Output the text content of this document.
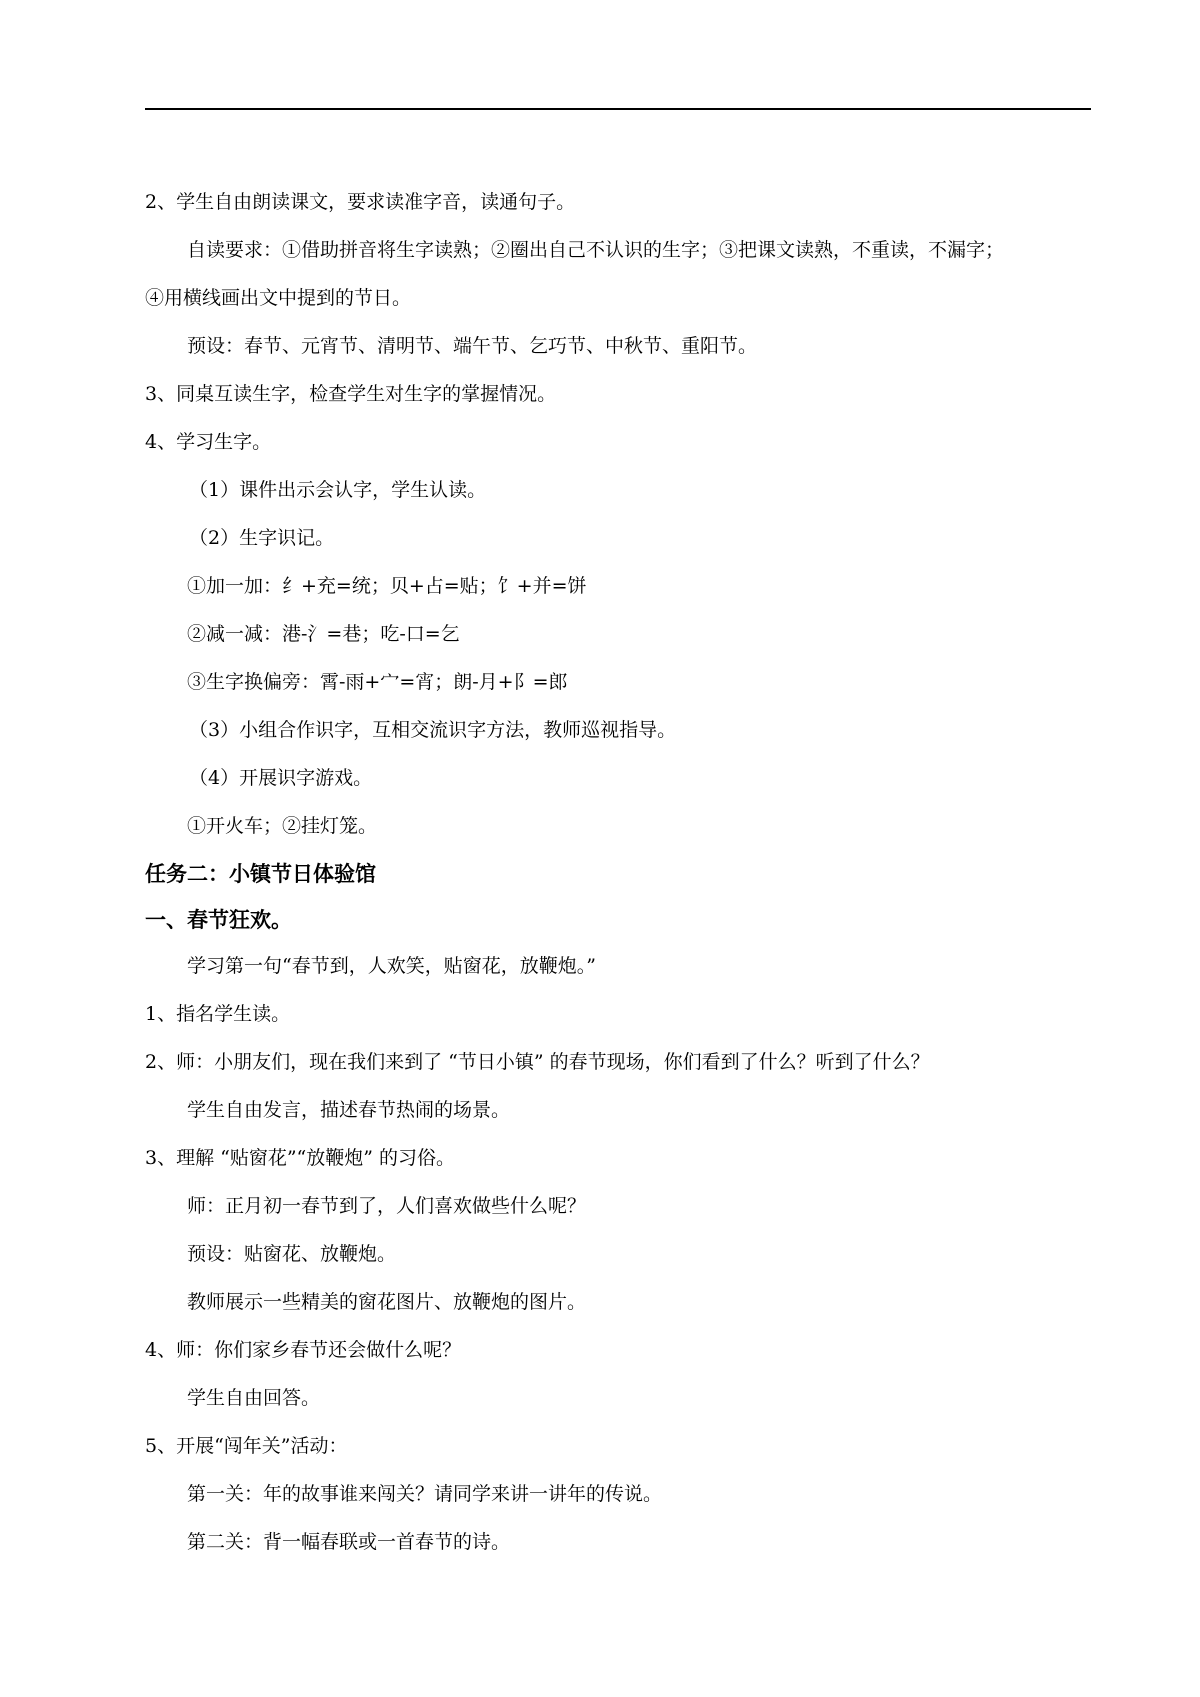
2、学生自由朗读课文，要求读准字音，读通句子。
自读要求：①借助拼音将生字读熟；②圈出自己不认识的生字；③把课文读熟，不重读，不漏字；
④用横线画出文中提到的节日。
预设：春节、元宵节、清明节、端午节、乞巧节、中秋节、重阳节。
3、同桌互读生字，检查学生对生字的掌握情况。
4、学习生字。
（1）课件出示会认字，学生认读。
（2）生字识记。
①加一加：纟+充=统；贝+占=贴；饣+并=饼
②减一减：港-氵=巷；吃-口=乞
③生字换偏旁：霄-雨+宀=宵；朗-月+阝=郎
（3）小组合作识字，互相交流识字方法，教师巡视指导。
（4）开展识字游戏。
①开火车；②挂灯笼。
任务二：小镇节日体验馆
一、春节狂欢。
学习第一句“春节到，人欢笑，贴窗花，放鞭炮。”
1、指名学生读。
2、师：小朋友们，现在我们来到了 “节日小镇” 的春节现场，你们看到了什么？听到了什么？
学生自由发言，描述春节热闹的场景。
3、理解 “贴窗花”“放鞭炮” 的习俗。
师：正月初一春节到了，人们喜欢做些什么呢？
预设：贴窗花、放鞭炮。
教师展示一些精美的窗花图片、放鞭炮的图片。
4、师：你们家乡春节还会做什么呢？
学生自由回答。
5、开展“闯年关”活动：
第一关：年的故事谁来闯关？请同学来讲一讲年的传说。
第二关：背一幅春联或一首春节的诗。
